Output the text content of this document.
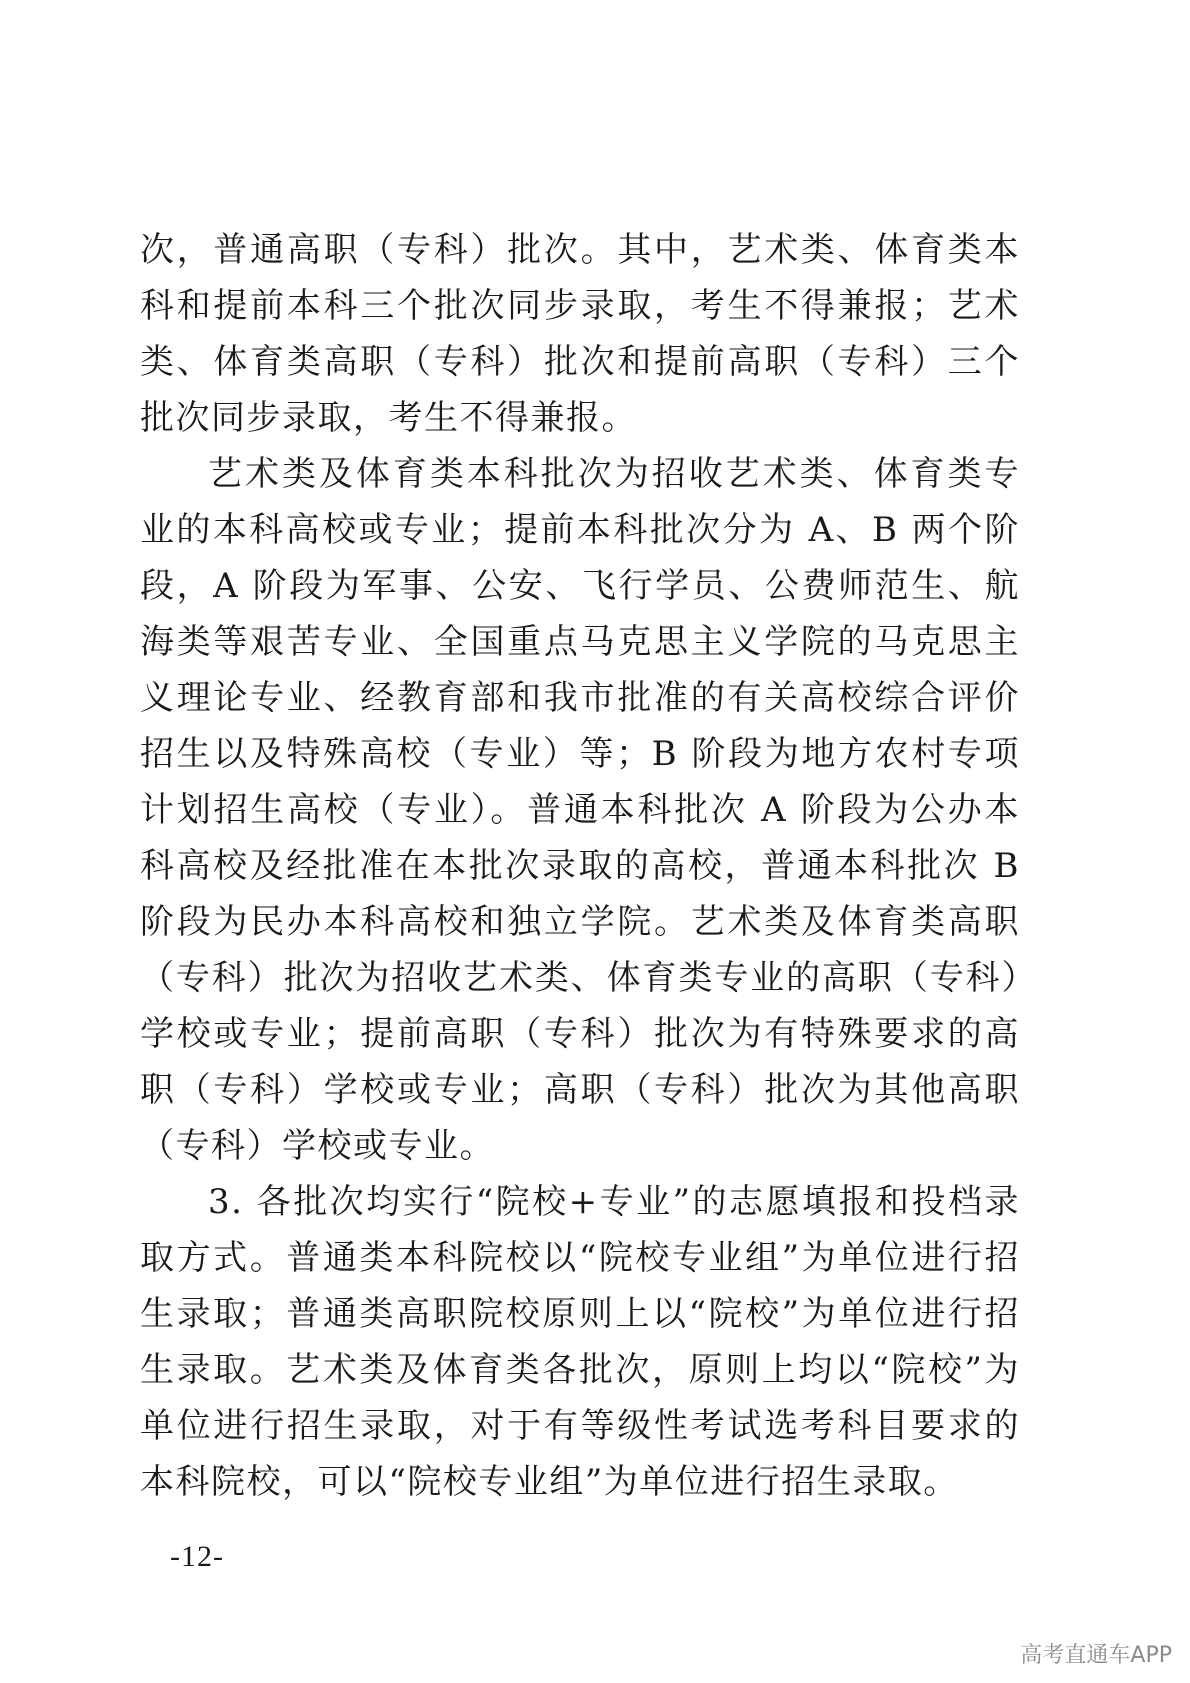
次，普通高职（专科）批次。其中，艺术类、体育类本科和提前本科三个批次同步录取，考生不得兼报；艺术类、体育类高职（专科）批次和提前高职（专科）三个批次同步录取，考生不得兼报。

艺术类及体育类本科批次为招收艺术类、体育类专业的本科高校或专业；提前本科批次分为 A、B 两个阶段，A 阶段为军事、公安、飞行学员、公费师范生、航海类等艰苦专业、全国重点马克思主义学院的马克思主义理论专业、经教育部和我市批准的有关高校综合评价招生以及特殊高校（专业）等；B 阶段为地方农村专项计划招生高校（专业）。普通本科批次 A 阶段为公办本科高校及经批准在本批次录取的高校，普通本科批次 B 阶段为民办本科高校和独立学院。艺术类及体育类高职（专科）批次为招收艺术类、体育类专业的高职（专科）学校或专业；提前高职（专科）批次为有特殊要求的高职（专科）学校或专业；高职（专科）批次为其他高职（专科）学校或专业。

3. 各批次均实行“院校+专业”的志愿填报和投档录取方式。普通类本科院校以“院校专业组”为单位进行招生录取；普通类高职院校原则上以“院校”为单位进行招生录取。艺术类及体育类各批次，原则上均以“院校”为单位进行招生录取，对于有等级性考试选考科目要求的本科院校，可以“院校专业组”为单位进行招生录取。

-12-
高考直通车APP
